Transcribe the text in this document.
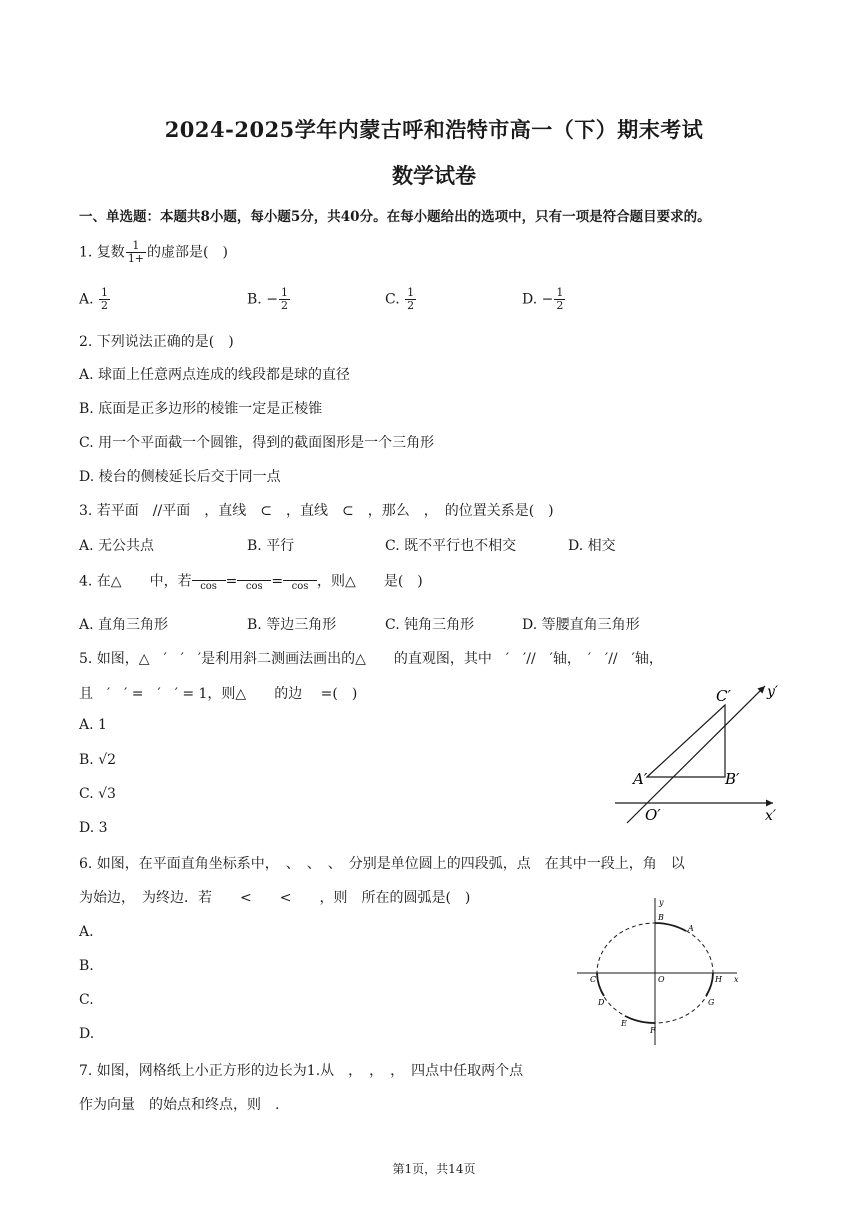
2024-2025学年内蒙古呼和浩特市高一（下）期末考试
数学试卷
一、单选题：本题共8小题，每小题5分，共40分。在每小题给出的选项中，只有一项是符合题目要求的。
1. 复数 $\frac{1}{1+}$ 的虚部是(　)
A. $\frac{1}{2}$	B. − $\frac{1}{2}$	C. $\frac{1}{2}$	D. − $\frac{1}{2}$
2. 下列说法正确的是(　)
A. 球面上任意两点连成的线段都是球的直径
B. 底面是正多边形的棱锥一定是正棱锥
C. 用一个平面截一个圆锥，得到的截面图形是一个三角形
D. 棱台的侧棱延长后交于同一点
3. 若平面　//平面　，直线　⊂　，直线　⊂　，那么　，　的位置关系是(　)
A. 无公共点	B. 平行	C. 既不平行也不相交	D. 相交
4. 在△　　中，若 cos = cos = cos ，则△　　是(　)
A. 直角三角形	B. 等边三角形	C. 钝角三角形	D. 等腰直角三角形
5. 如图，△　′　′　′是利用斜二测画法画出的△　　的直观图，其中　′　′//　′轴，　′　′//　′轴，
且　′　′ =　′　′ = 1，则△　　的边　 =(　)
A. 1
B. √2
C. √3
D. 3
C′	y′
A′	B′
O′	x′
6. 如图，在平面直角坐标系中，　、　、　、　分别是单位圆上的四段弧，点　在其中一段上，角　以
为始边，　为终边．若　　<　　<　　，则　所在的圆弧是(　)
A.
B.
C.
D.
y
B
A
C	O	H x
D	G
E
F
7. 如图，网格纸上小正方形的边长为1.从　，　，　，　四点中任取两个点
作为向量　的始点和终点，则　.
第1页，共14页
